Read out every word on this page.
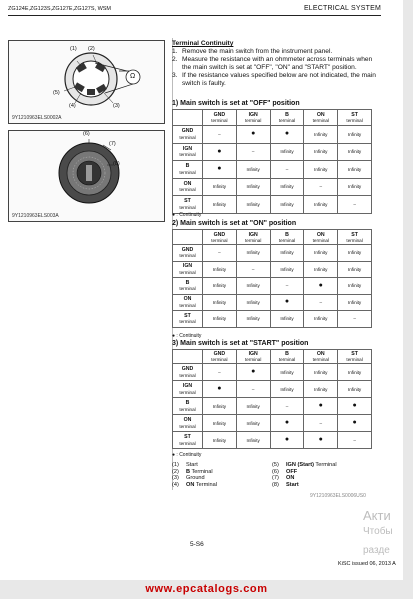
ZG124E,ZG123S,ZG127E,ZG127S, WSM	ELECTRICAL SYSTEM
(1) (2)
(3)
(4)
(5)
Ω
9Y1210963ELS0002A
(6)
(7)
(8)
9Y1210963ELS003A
Terminal Continuity
1. Remove the main switch from the instrument panel.
2. Measure the resistance with an ohmmeter across terminals when the main switch is set at "OFF", "ON" and "START" position.
3. If the resistance values specified below are not indicated, the main switch is faulty.
1) Main switch is set at "OFF" position
	GND
terminal	IGN
terminal	B
terminal	ON
terminal	ST
terminal
GND
terminal	–	●	●	Infinity	Infinity
IGN
terminal	●	–	Infinity	Infinity	Infinity
B
terminal	●	Infinity	–	Infinity	Infinity
ON
terminal	Infinity	Infinity	Infinity	–	Infinity
ST
terminal	Infinity	Infinity	Infinity	Infinity	–
● : Continuity
2) Main switch is set at "ON" position
	GND
terminal	IGN
terminal	B
terminal	ON
terminal	ST
terminal
GND
terminal	–	Infinity	Infinity	Infinity	Infinity
IGN
terminal	Infinity	–	Infinity	Infinity	Infinity
B
terminal	Infinity	Infinity	–	●	Infinity
ON
terminal	Infinity	Infinity	●	–	Infinity
ST
terminal	Infinity	Infinity	Infinity	Infinity	–
● : Continuity
3) Main switch is set at "START" position
	GND
terminal	IGN
terminal	B
terminal	ON
terminal	ST
terminal
GND
terminal	–	●	Infinity	Infinity	Infinity
IGN
terminal	●	–	Infinity	Infinity	Infinity
B
terminal	Infinity	Infinity	–	●	●
ON
terminal	Infinity	Infinity	●	–	●
ST
terminal	Infinity	Infinity	●	●	–
● : Continuity
(1) Start
(2) B Terminal
(3) Ground
(4) ON Terminal
(5) IGN (Start) Terminal
(6) OFF
(7) ON
(8) Start
9Y1210963ELS0006US0
5-S6
KiSC issued 06, 2013 A
Акти
Чтобы
разде
www.epcatalogs.com
